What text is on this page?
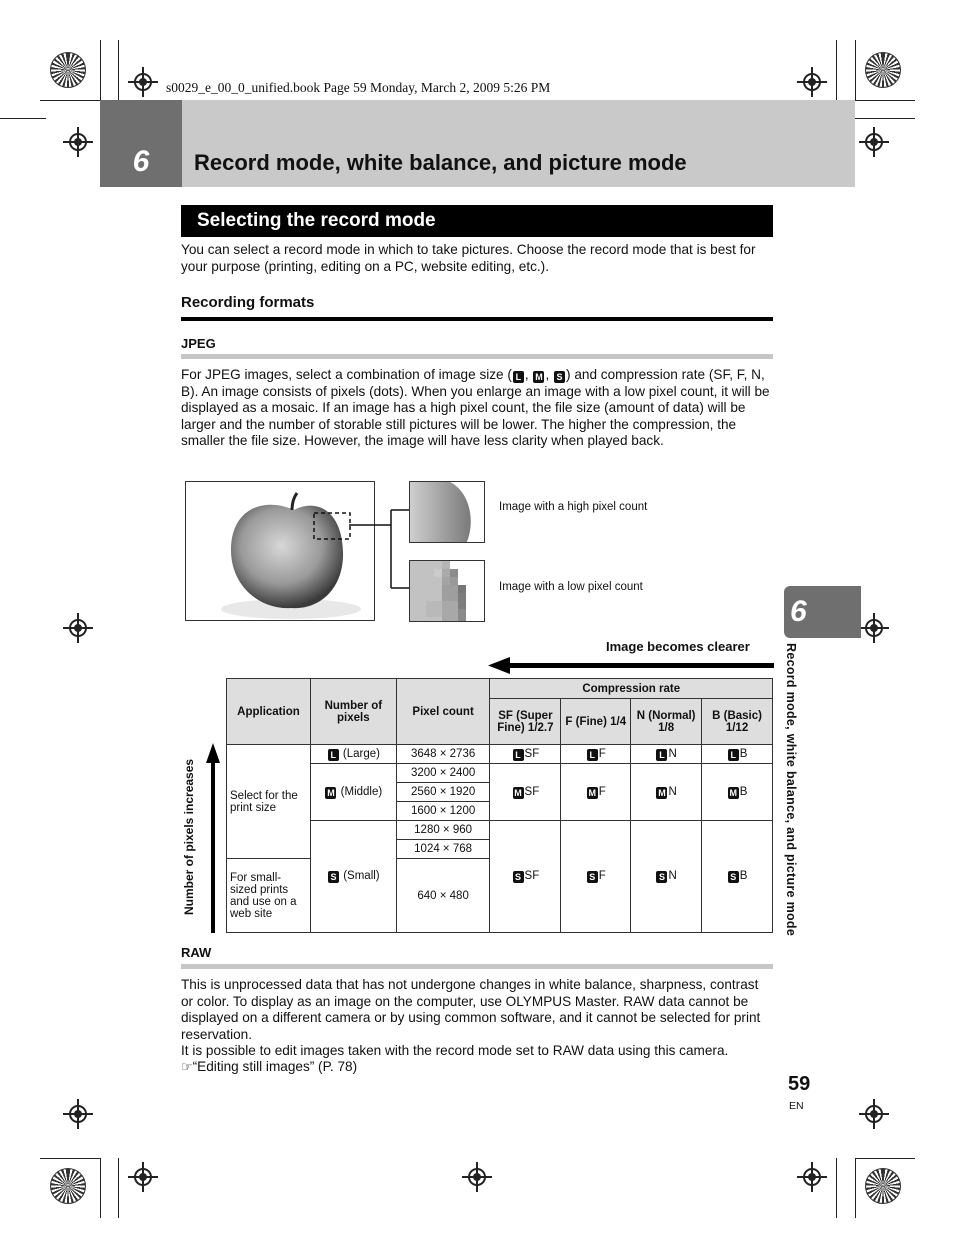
s0029_e_00_0_unified.book Page 59 Monday, March 2, 2009 5:26 PM
6	Record mode, white balance, and picture mode
Selecting the record mode
You can select a record mode in which to take pictures. Choose the record mode that is best for your purpose (printing, editing on a PC, website editing, etc.).
Recording formats
JPEG
For JPEG images, select a combination of image size ( L , M , S ) and compression rate (SF, F, N, B). An image consists of pixels (dots). When you enlarge an image with a low pixel count, it will be displayed as a mosaic. If an image has a high pixel count, the file size (amount of data) will be larger and the number of storable still pictures will be lower. The higher the compression, the smaller the file size. However, the image will have less clarity when played back.
Image with a high pixel count
Image with a low pixel count
Image becomes clearer
Number of pixels increases
Application	Number of pixels	Pixel count	Compression rate			
			SF (Super Fine) 1/2.7	F (Fine) 1/4	N (Normal) 1/8	B (Basic) 1/12
Select for the print size	L (Large)	3648 × 2736	L SF	L F	L N	L B
	M (Middle)	3200 × 2400	M SF	M F	M N	M B
		2560 × 1920				
		1600 × 1200				
	S (Small)	1280 × 960	S SF	S F	S N	S B
		1024 × 768				
For small-sized prints and use on a web site		640 × 480				

RAW
This is unprocessed data that has not undergone changes in white balance, sharpness, contrast or color. To display as an image on the computer, use OLYMPUS Master. RAW data cannot be displayed on a different camera or by using common software, and it cannot be selected for print reservation.
It is possible to edit images taken with the record mode set to RAW data using this camera.
☞“Editing still images” (P. 78)
6
Record mode, white balance, and picture mode
59
EN
